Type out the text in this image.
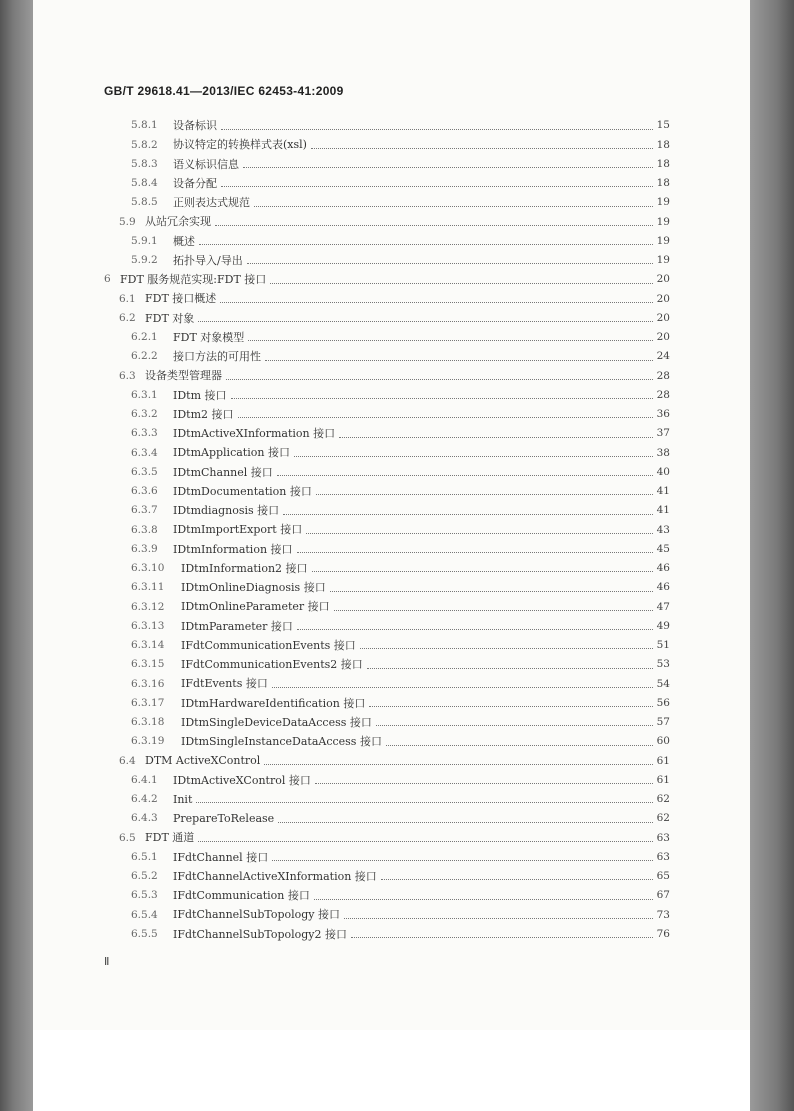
GB/T 29618.41—2013/IEC 62453-41:2009
5.8.1	设备标识	15
5.8.2	协议特定的转换样式表(xsl)	18
5.8.3	语义标识信息	18
5.8.4	设备分配	18
5.8.5	正则表达式规范	19
5.9 从站冗余实现	19
5.9.1	概述	19
5.9.2	拓扑导入/导出	19
6 FDT 服务规范实现:FDT 接口	20
6.1 FDT 接口概述	20
6.2 FDT 对象	20
6.2.1	FDT 对象模型	20
6.2.2	接口方法的可用性	24
6.3 设备类型管理器	28
6.3.1	IDtm 接口	28
6.3.2	IDtm2 接口	36
6.3.3	IDtmActiveXInformation 接口	37
6.3.4	IDtmApplication 接口	38
6.3.5	IDtmChannel 接口	40
6.3.6	IDtmDocumentation 接口	41
6.3.7	IDtmdiagnosis 接口	41
6.3.8	IDtmImportExport 接口	43
6.3.9	IDtmInformation 接口	45
6.3.10	IDtmInformation2 接口	46
6.3.11	IDtmOnlineDiagnosis 接口	46
6.3.12	IDtmOnlineParameter 接口	47
6.3.13	IDtmParameter 接口	49
6.3.14	IFdtCommunicationEvents 接口	51
6.3.15	IFdtCommunicationEvents2 接口	53
6.3.16	IFdtEvents 接口	54
6.3.17	IDtmHardwareIdentification 接口	56
6.3.18	IDtmSingleDeviceDataAccess 接口	57
6.3.19	IDtmSingleInstanceDataAccess 接口	60
6.4 DTM ActiveXControl	61
6.4.1	IDtmActiveXControl 接口	61
6.4.2	Init	62
6.4.3	PrepareToRelease	62
6.5 FDT 通道	63
6.5.1	IFdtChannel 接口	63
6.5.2	IFdtChannelActiveXInformation 接口	65
6.5.3	IFdtCommunication 接口	67
6.5.4	IFdtChannelSubTopology 接口	73
6.5.5	IFdtChannelSubTopology2 接口	76
Ⅱ
